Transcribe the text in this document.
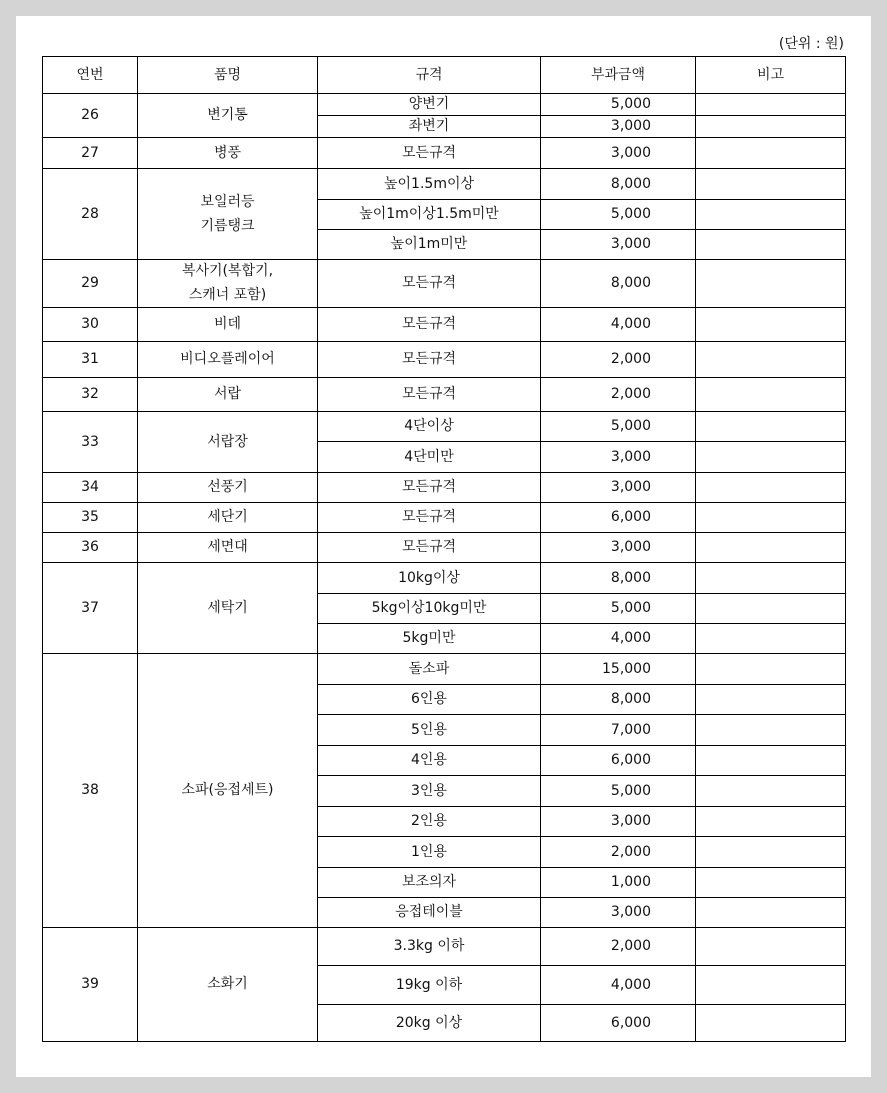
(단위 : 원)
연번	품명	규격	부과금액	비고
26	변기통	양변기	5,000	
		좌변기	3,000	
27	병풍	모든규격	3,000	
28	보일러등
기름탱크	높이1.5m이상	8,000	
		높이1m이상1.5m미만	5,000	
		높이1m미만	3,000	
29	복사기(복합기,
스캐너 포함)	모든규격	8,000	
30	비데	모든규격	4,000	
31	비디오플레이어	모든규격	2,000	
32	서랍	모든규격	2,000	
33	서랍장	4단이상	5,000	
		4단미만	3,000	
34	선풍기	모든규격	3,000	
35	세단기	모든규격	6,000	
36	세면대	모든규격	3,000	
37	세탁기	10kg이상	8,000	
		5kg이상10kg미만	5,000	
		5kg미만	4,000	
38	소파(응접세트)	돌소파	15,000	
		6인용	8,000	
		5인용	7,000	
		4인용	6,000	
		3인용	5,000	
		2인용	3,000	
		1인용	2,000	
		보조의자	1,000	
		응접테이블	3,000	
39	소화기	3.3kg 이하	2,000	
		19kg 이하	4,000	
		20kg 이상	6,000	
